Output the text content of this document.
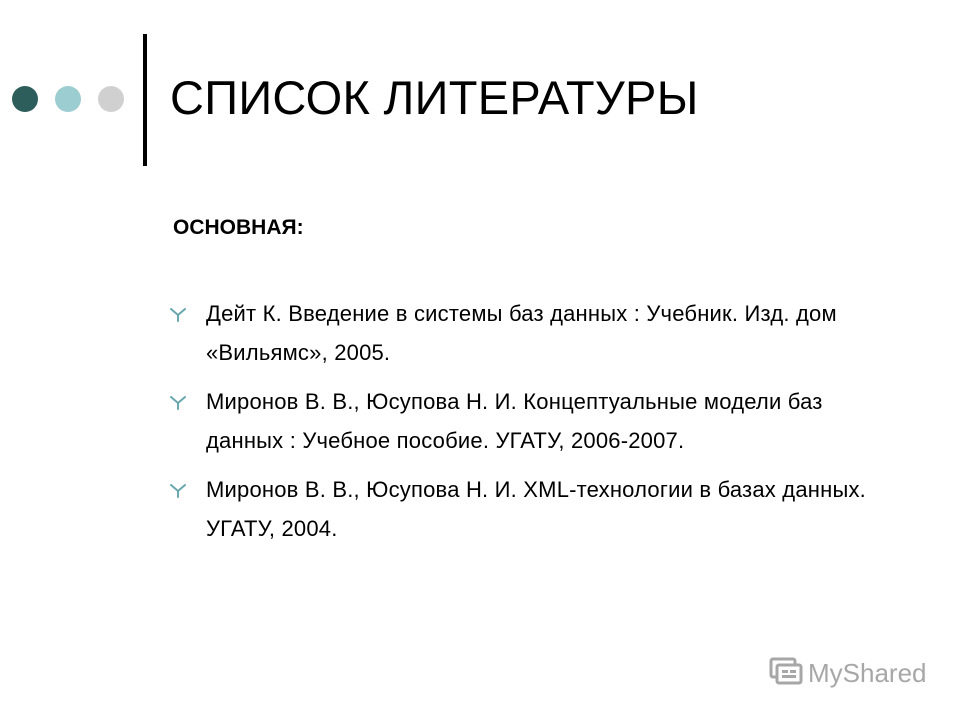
СПИСОК ЛИТЕРАТУРЫ
ОСНОВНАЯ:
Дейт К. Введение в системы баз данных : Учебник. Изд. дом «Вильямс», 2005.
Миронов В. В., Юсупова Н. И. Концептуальные модели баз данных : Учебное пособие. УГАТУ, 2006-2007.
Миронов В. В., Юсупова Н. И. XML-технологии в базах данных. УГАТУ, 2004.
MyShared
